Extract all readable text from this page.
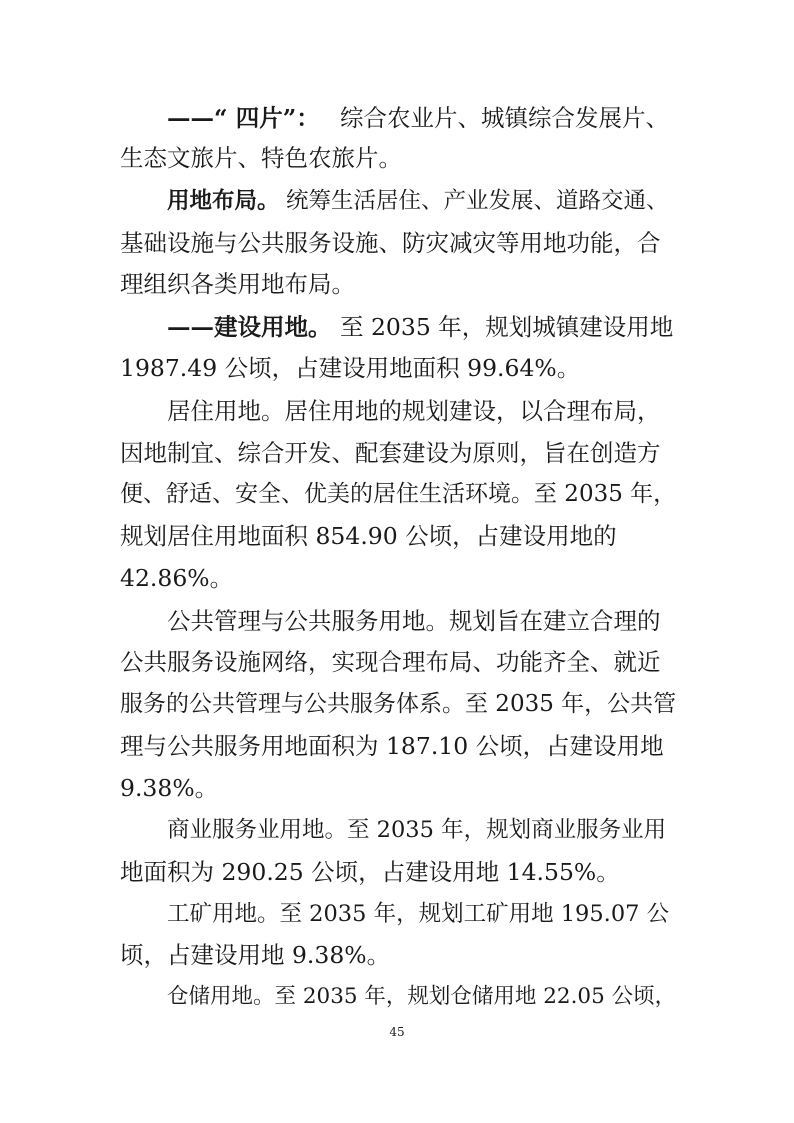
——“ 四片”： 综合农业片、城镇综合发展片、
生态文旅片、特色农旅片。
用地布局。 统筹生活居住、产业发展、道路交通、
基础设施与公共服务设施、防灾减灾等用地功能，合
理组织各类用地布局。
——建设用地。 至 2035 年，规划城镇建设用地
1987.49 公顷，占建设用地面积 99.64%。
居住用地。居住用地的规划建设，以合理布局，
因地制宜、综合开发、配套建设为原则，旨在创造方
便、舒适、安全、优美的居住生活环境。至 2035 年，
规划居住用地面积 854.90 公顷，占建设用地的
42.86%。
公共管理与公共服务用地。规划旨在建立合理的
公共服务设施网络，实现合理布局、功能齐全、就近
服务的公共管理与公共服务体系。至 2035 年，公共管
理与公共服务用地面积为 187.10 公顷，占建设用地
9.38%。
商业服务业用地。至 2035 年，规划商业服务业用
地面积为 290.25 公顷，占建设用地 14.55%。
工矿用地。至 2035 年，规划工矿用地 195.07 公
顷，占建设用地 9.38%。
仓储用地。至 2035 年，规划仓储用地 22.05 公顷，
45
